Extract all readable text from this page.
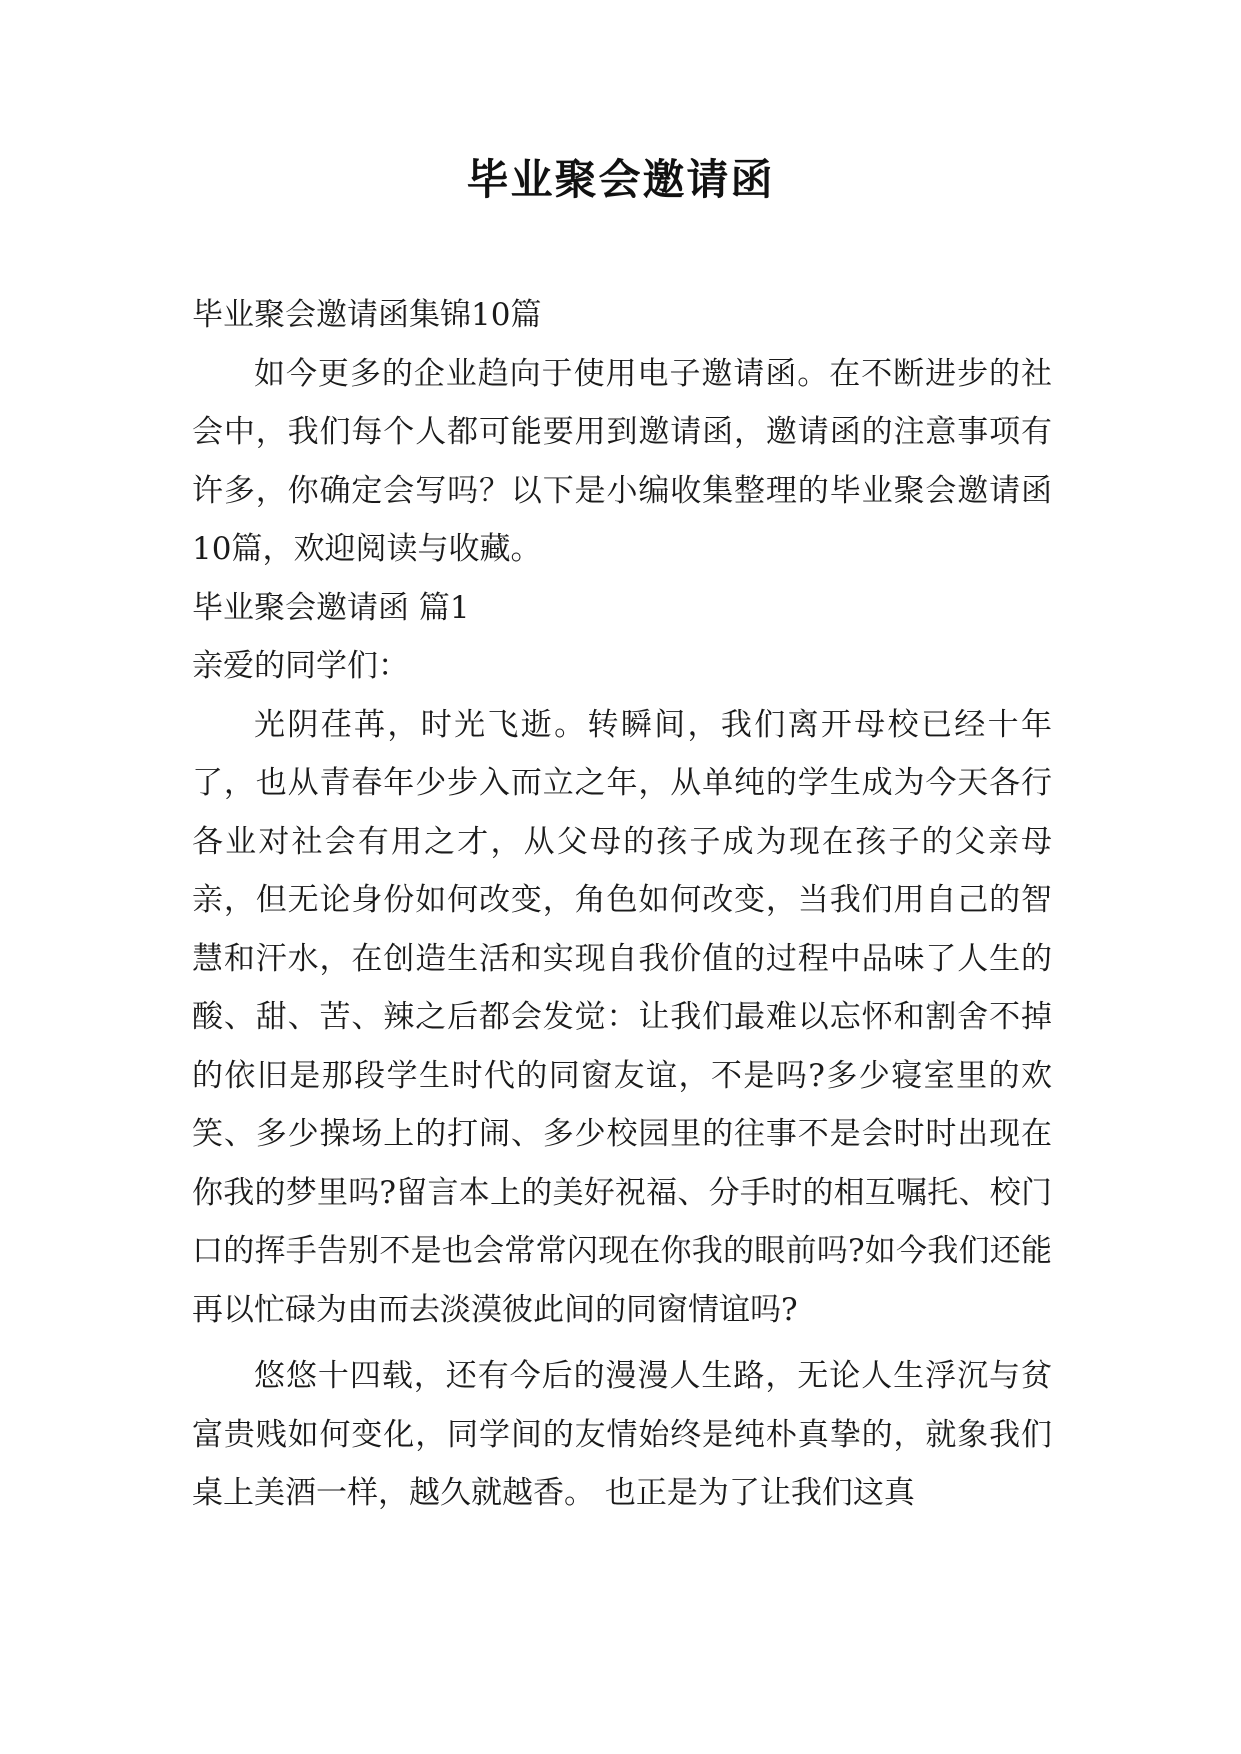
毕业聚会邀请函

毕业聚会邀请函集锦10篇

如今更多的企业趋向于使用电子邀请函。在不断进步的社会中，我们每个人都可能要用到邀请函，邀请函的注意事项有许多，你确定会写吗？以下是小编收集整理的毕业聚会邀请函10篇，欢迎阅读与收藏。

毕业聚会邀请函 篇1

亲爱的同学们：

光阴荏苒，时光飞逝。转瞬间，我们离开母校已经十年了，也从青春年少步入而立之年，从单纯的学生成为今天各行各业对社会有用之才，从父母的孩子成为现在孩子的父亲母亲，但无论身份如何改变，角色如何改变，当我们用自己的智慧和汗水，在创造生活和实现自我价值的过程中品味了人生的酸、甜、苦、辣之后都会发觉：让我们最难以忘怀和割舍不掉的依旧是那段学生时代的同窗友谊，不是吗?多少寝室里的欢笑、多少操场上的打闹、多少校园里的往事不是会时时出现在你我的梦里吗?留言本上的美好祝福、分手时的相互嘱托、校门口的挥手告别不是也会常常闪现在你我的眼前吗?如今我们还能再以忙碌为由而去淡漠彼此间的同窗情谊吗?

悠悠十四载，还有今后的漫漫人生路，无论人生浮沉与贫富贵贱如何变化，同学间的友情始终是纯朴真挚的，就象我们桌上美酒一样，越久就越香。 也正是为了让我们这真
